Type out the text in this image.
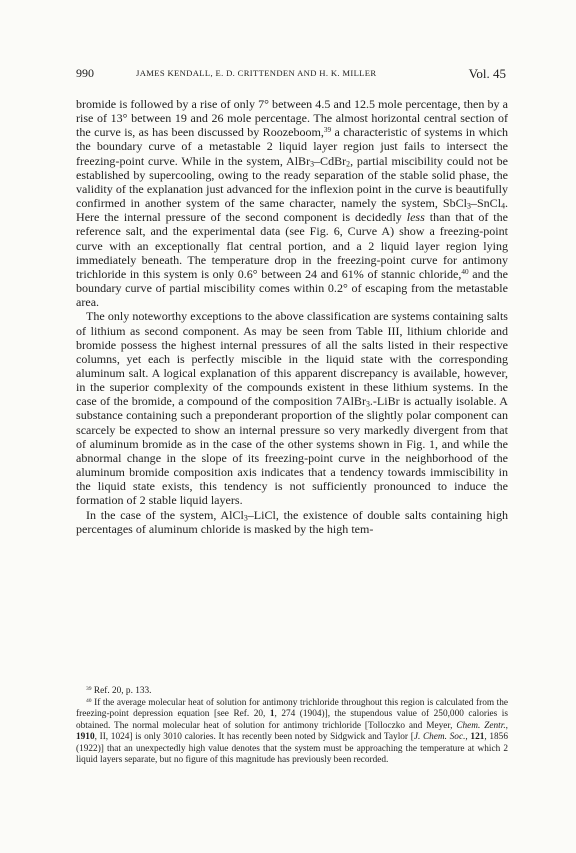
990	JAMES KENDALL, E. D. CRITTENDEN AND H. K. MILLER	Vol. 45

bromide is followed by a rise of only 7° between 4.5 and 12.5 mole percentage, then by a rise of 13° between 19 and 26 mole percentage. The almost horizontal central section of the curve is, as has been discussed by Roozeboom,$^{39}$ a characteristic of systems in which the boundary curve of a metastable 2 liquid layer region just fails to intersect the freezing-point curve. While in the system, AlBr$_3$–CdBr$_2$, partial miscibility could not be established by supercooling, owing to the ready separation of the stable solid phase, the validity of the explanation just advanced for the inflexion point in the curve is beautifully confirmed in another system of the same character, namely the system, SbCl$_3$–SnCl$_4$. Here the internal pressure of the second component is decidedly less than that of the reference salt, and the experimental data (see Fig. 6, Curve A) show a freezing-point curve with an exceptionally flat central portion, and a 2 liquid layer region lying immediately beneath. The temperature drop in the freezing-point curve for antimony trichloride in this system is only 0.6° between 24 and 61% of stannic chloride,$^{40}$ and the boundary curve of partial miscibility comes within 0.2° of escaping from the metastable area.

The only noteworthy exceptions to the above classification are systems containing salts of lithium as second component. As may be seen from Table III, lithium chloride and bromide possess the highest internal pressures of all the salts listed in their respective columns, yet each is perfectly miscible in the liquid state with the corresponding aluminum salt. A logical explanation of this apparent discrepancy is available, however, in the superior complexity of the compounds existent in these lithium systems. In the case of the bromide, a compound of the composition 7AlBr$_3$.-LiBr is actually isolable. A substance containing such a preponderant proportion of the slightly polar component can scarcely be expected to show an internal pressure so very markedly divergent from that of aluminum bromide as in the case of the other systems shown in Fig. 1, and while the abnormal change in the slope of its freezing-point curve in the neighborhood of the aluminum bromide composition axis indicates that a tendency towards immiscibility in the liquid state exists, this tendency is not sufficiently pronounced to induce the formation of 2 stable liquid layers.

In the case of the system, AlCl$_3$–LiCl, the existence of double salts containing high percentages of aluminum chloride is masked by the high tem-

$^{39}$ Ref. 20, p. 133.

$^{40}$ If the average molecular heat of solution for antimony trichloride throughout this region is calculated from the freezing-point depression equation [see Ref. 20, 1, 274 (1904)], the stupendous value of 250,000 calories is obtained. The normal molecular heat of solution for antimony trichloride [Tolloczko and Meyer, Chem. Zentr., 1910, II, 1024] is only 3010 calories. It has recently been noted by Sidgwick and Taylor [J. Chem. Soc., 121, 1856 (1922)] that an unexpectedly high value denotes that the system must be approaching the temperature at which 2 liquid layers separate, but no figure of this magnitude has previously been recorded.
